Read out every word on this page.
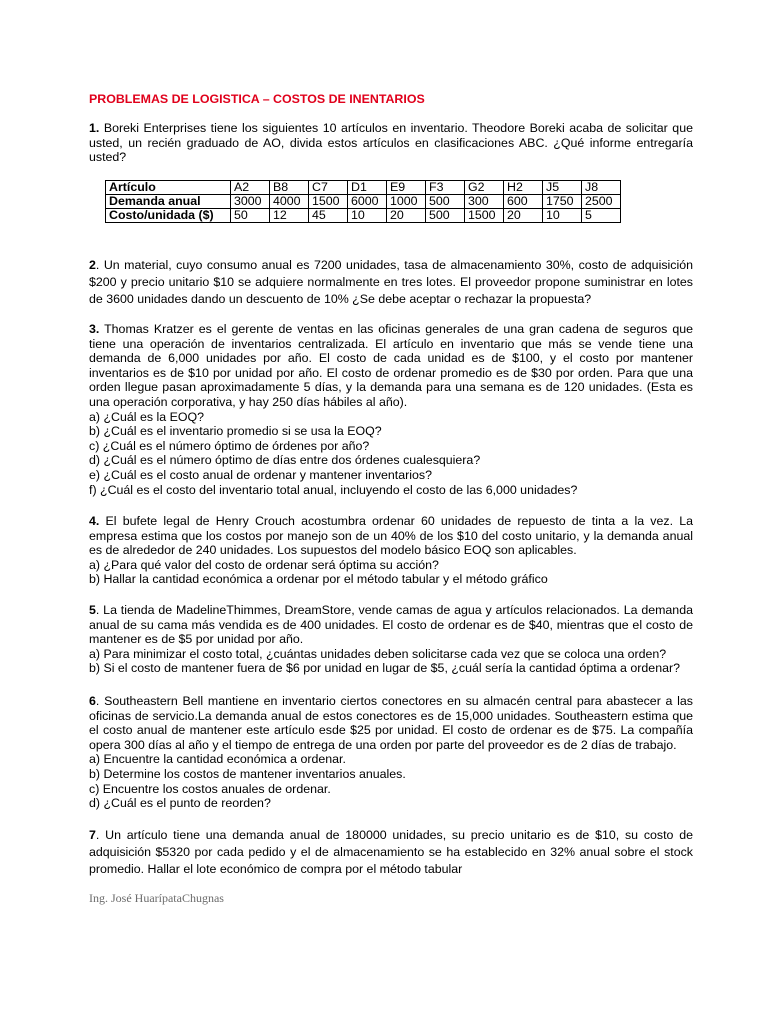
PROBLEMAS DE LOGISTICA – COSTOS DE INENTARIOS
1. Boreki Enterprises tiene los siguientes 10 artículos en inventario. Theodore Boreki acaba de solicitar que usted, un recién graduado de AO, divida estos artículos en clasificaciones ABC. ¿Qué informe entregaría usted?
Artículo	A2	B8	C7	D1	E9	F3	G2	H2	J5	J8
Demanda anual	3000	4000	1500	6000	1000	500	300	600	1750	2500
Costo/unidada ($)	50	12	45	10	20	500	1500	20	10	5
2. Un material, cuyo consumo anual es 7200 unidades, tasa de almacenamiento 30%, costo de adquisición $200 y precio unitario $10 se adquiere normalmente en tres lotes. El proveedor propone suministrar en lotes de 3600 unidades dando un descuento de 10% ¿Se debe aceptar o rechazar la propuesta?
3. Thomas Kratzer es el gerente de ventas en las oficinas generales de una gran cadena de seguros que tiene una operación de inventarios centralizada. El artículo en inventario que más se vende tiene una demanda de 6,000 unidades por año. El costo de cada unidad es de $100, y el costo por mantener inventarios es de $10 por unidad por año. El costo de ordenar promedio es de $30 por orden. Para que una orden llegue pasan aproximadamente 5 días, y la demanda para una semana es de 120 unidades. (Esta es una operación corporativa, y hay 250 días hábiles al año).
a) ¿Cuál es la EOQ?
b) ¿Cuál es el inventario promedio si se usa la EOQ?
c) ¿Cuál es el número óptimo de órdenes por año?
d) ¿Cuál es el número óptimo de días entre dos órdenes cualesquiera?
e) ¿Cuál es el costo anual de ordenar y mantener inventarios?
f) ¿Cuál es el costo del inventario total anual, incluyendo el costo de las 6,000 unidades?
4. El bufete legal de Henry Crouch acostumbra ordenar 60 unidades de repuesto de tinta a la vez. La empresa estima que los costos por manejo son de un 40% de los $10 del costo unitario, y la demanda anual es de alrededor de 240 unidades. Los supuestos del modelo básico EOQ son aplicables.
a) ¿Para qué valor del costo de ordenar será óptima su acción?
b) Hallar la cantidad económica a ordenar por el método tabular y el método gráfico
5. La tienda de MadelineThimmes, DreamStore, vende camas de agua y artículos relacionados. La demanda anual de su cama más vendida es de 400 unidades. El costo de ordenar es de $40, mientras que el costo de mantener es de $5 por unidad por año.
a) Para minimizar el costo total, ¿cuántas unidades deben solicitarse cada vez que se coloca una orden?
b) Si el costo de mantener fuera de $6 por unidad en lugar de $5, ¿cuál sería la cantidad óptima a ordenar?
6. Southeastern Bell mantiene en inventario ciertos conectores en su almacén central para abastecer a las oficinas de servicio.La demanda anual de estos conectores es de 15,000 unidades. Southeastern estima que el costo anual de mantener este artículo esde $25 por unidad. El costo de ordenar es de $75. La compañía opera 300 días al año y el tiempo de entrega de una orden por parte del proveedor es de 2 días de trabajo.
a) Encuentre la cantidad económica a ordenar.
b) Determine los costos de mantener inventarios anuales.
c) Encuentre los costos anuales de ordenar.
d) ¿Cuál es el punto de reorden?
7. Un artículo tiene una demanda anual de 180000 unidades, su precio unitario es de $10, su costo de adquisición $5320 por cada pedido y el de almacenamiento se ha establecido en 32% anual sobre el stock promedio. Hallar el lote económico de compra por el método tabular
Ing. José HuarípataChugnas
